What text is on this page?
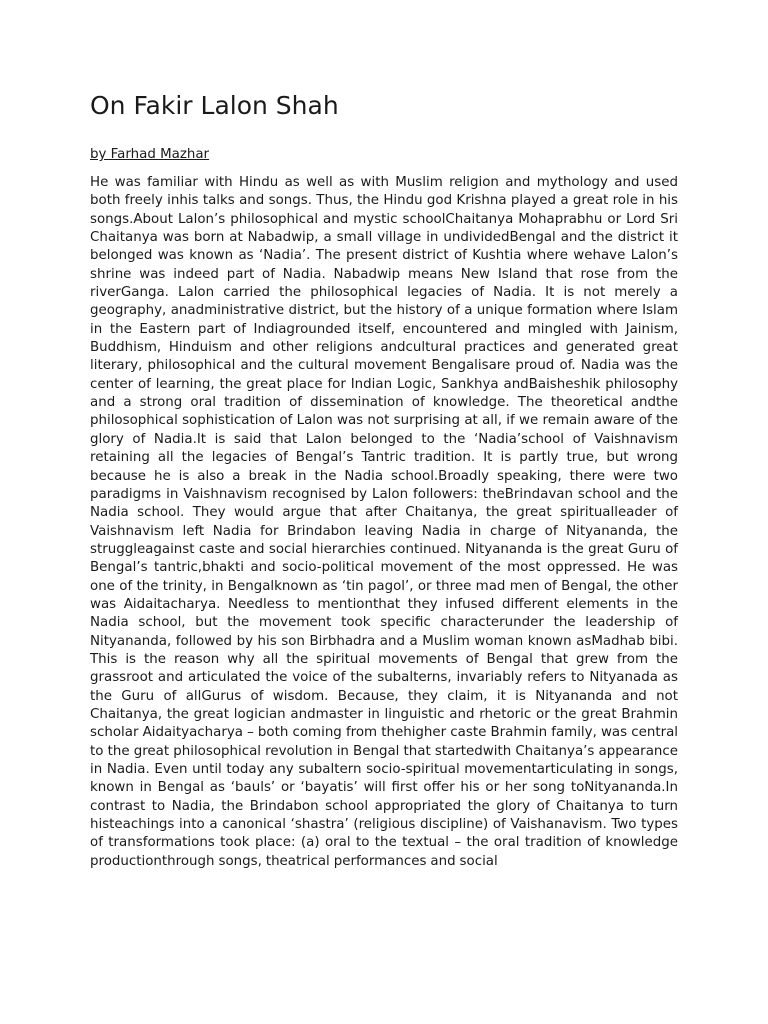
On Fakir Lalon Shah

by Farhad Mazhar

He was familiar with Hindu as well as with Muslim religion and mythology and used both freely inhis talks and songs. Thus, the Hindu god Krishna played a great role in his songs.About Lalon’s philosophical and mystic schoolChaitanya Mohaprabhu or Lord Sri Chaitanya was born at Nabadwip, a small village in undividedBengal and the district it belonged was known as ‘Nadia’. The present district of Kushtia where wehave Lalon’s shrine was indeed part of Nadia. Nabadwip means New Island that rose from the riverGanga. Lalon carried the philosophical legacies of Nadia. It is not merely a geography, anadministrative district, but the history of a unique formation where Islam in the Eastern part of Indiagrounded itself, encountered and mingled with Jainism, Buddhism, Hinduism and other religions andcultural practices and generated great literary, philosophical and the cultural movement Bengalisare proud of. Nadia was the center of learning, the great place for Indian Logic, Sankhya andBaisheshik philosophy and a strong oral tradition of dissemination of knowledge. The theoretical andthe philosophical sophistication of Lalon was not surprising at all, if we remain aware of the glory of Nadia.It is said that Lalon belonged to the ‘Nadia’school of Vaishnavism retaining all the legacies of Bengal’s Tantric tradition. It is partly true, but wrong because he is also a break in the Nadia school.Broadly speaking, there were two paradigms in Vaishnavism recognised by Lalon followers: theBrindavan school and the Nadia school. They would argue that after Chaitanya, the great spiritualleader of Vaishnavism left Nadia for Brindabon leaving Nadia in charge of Nityananda, the struggleagainst caste and social hierarchies continued. Nityananda is the great Guru of Bengal’s tantric,bhakti and socio-political movement of the most oppressed. He was one of the trinity, in Bengalknown as ‘tin pagol’, or three mad men of Bengal, the other was Aidaitacharya. Needless to mentionthat they infused different elements in the Nadia school, but the movement took specific characterunder the leadership of Nityananda, followed by his son Birbhadra and a Muslim woman known asMadhab bibi. This is the reason why all the spiritual movements of Bengal that grew from the grassroot and articulated the voice of the subalterns, invariably refers to Nityanada as the Guru of allGurus of wisdom. Because, they claim, it is Nityananda and not Chaitanya, the great logician andmaster in linguistic and rhetoric or the great Brahmin scholar Aidaityacharya – both coming from thehigher caste Brahmin family, was central to the great philosophical revolution in Bengal that startedwith Chaitanya’s appearance in Nadia. Even until today any subaltern socio-spiritual movementarticulating in songs, known in Bengal as ‘bauls’ or ‘bayatis’ will first offer his or her song toNityananda.In contrast to Nadia, the Brindabon school appropriated the glory of Chaitanya to turn histeachings into a canonical ‘shastra’ (religious discipline) of Vaishanavism. Two types of transformations took place: (a) oral to the textual – the oral tradition of knowledge productionthrough songs, theatrical performances and social
